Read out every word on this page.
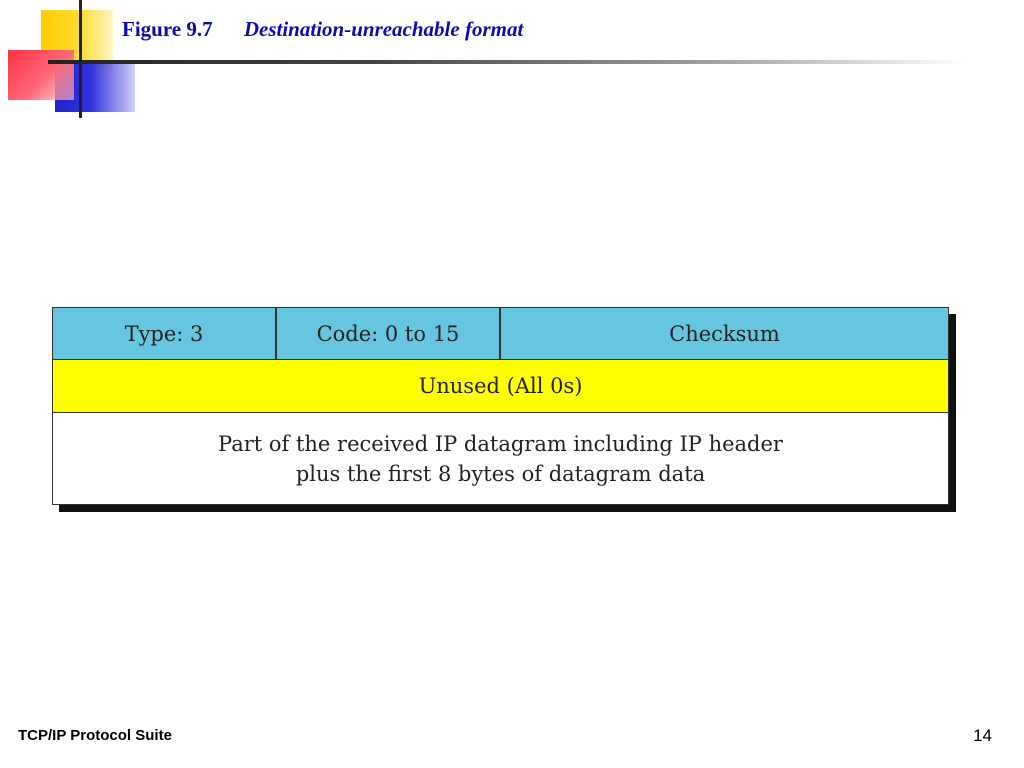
Figure 9.7 Destination-unreachable format
Type: 3	Code: 0 to 15	Checksum
Unused (All 0s)
Part of the received IP datagram including IP header
plus the first 8 bytes of datagram data
TCP/IP Protocol Suite	14
